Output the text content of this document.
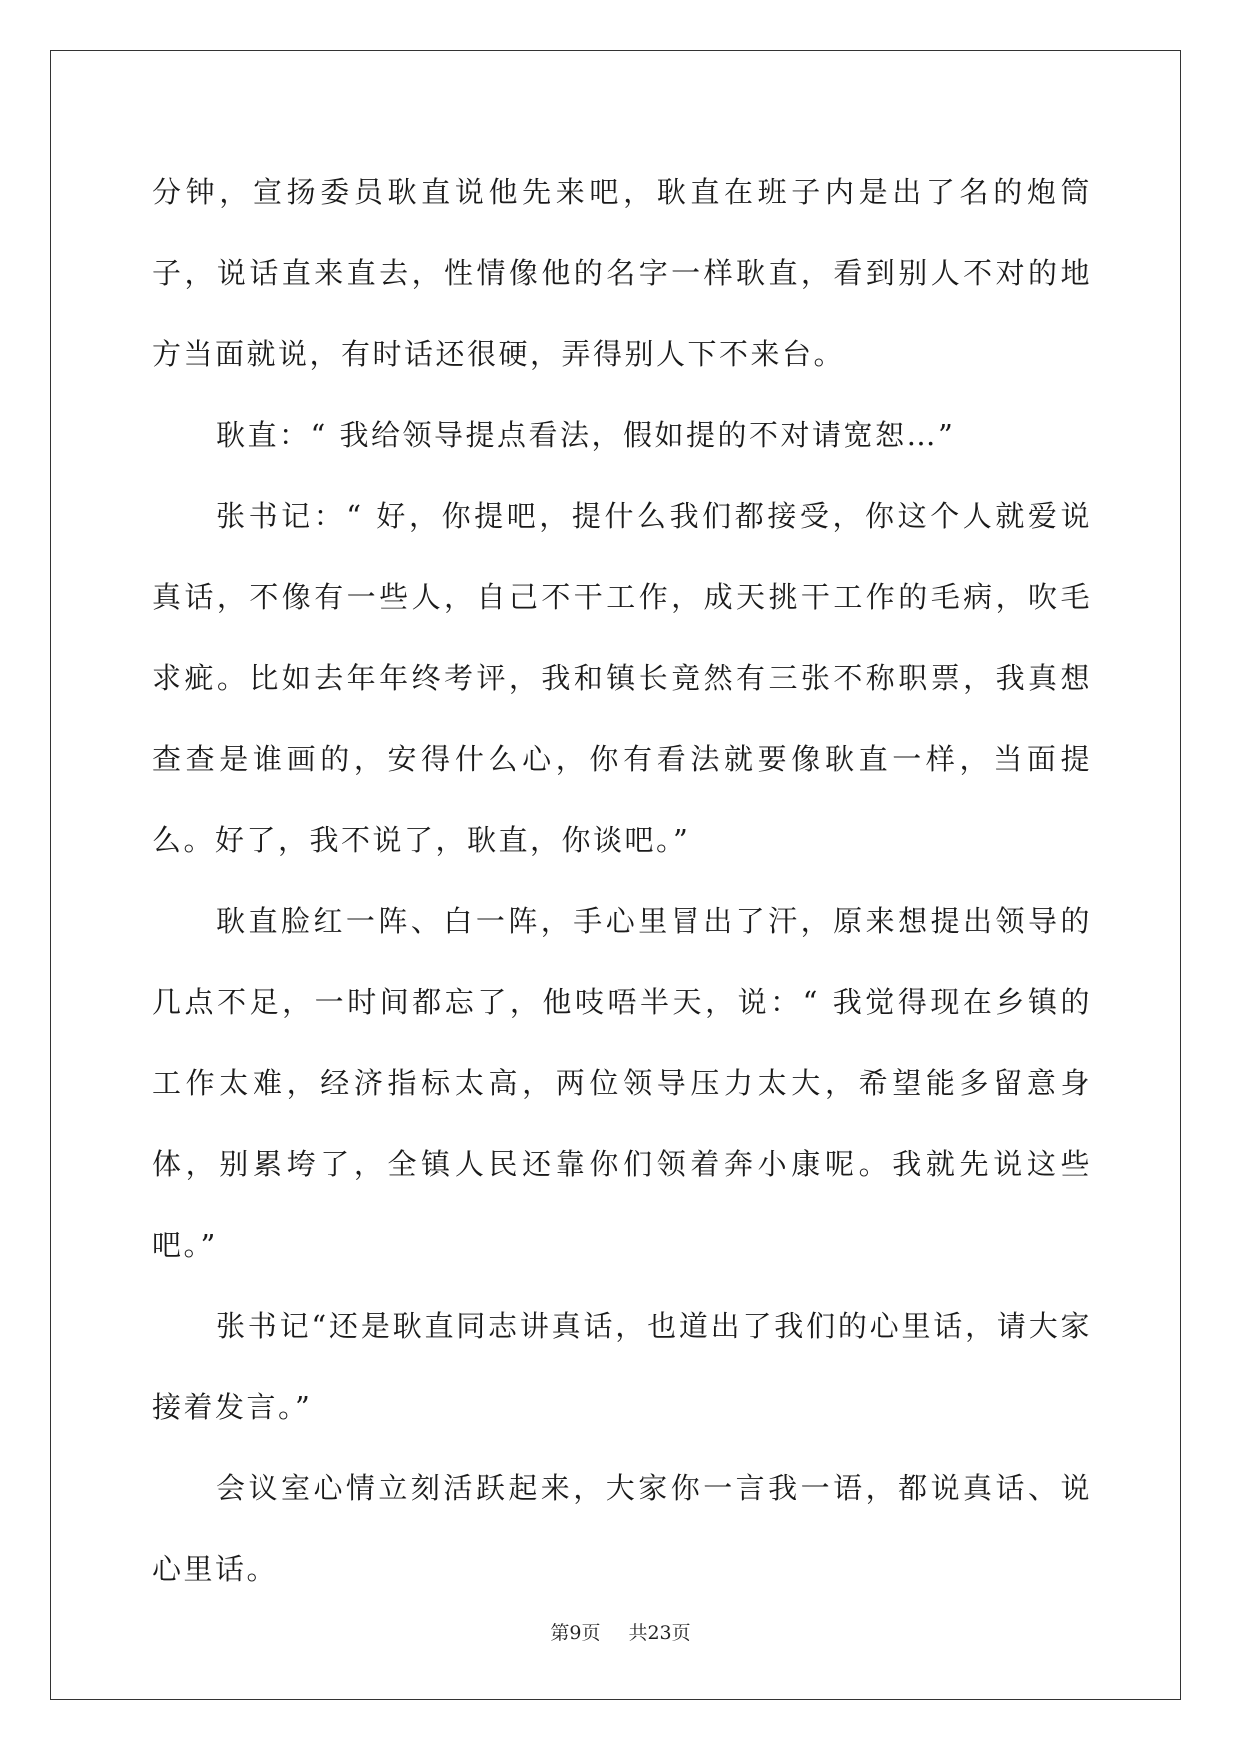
分钟，宣扬委员耿直说他先来吧，耿直在班子内是出了名的炮筒子，说话直来直去，性情像他的名字一样耿直，看到别人不对的地方当面就说，有时话还很硬，弄得别人下不来台。

耿直：“ 我给领导提点看法，假如提的不对请宽恕…”

张书记：“ 好，你提吧，提什么我们都接受，你这个人就爱说真话，不像有一些人，自己不干工作，成天挑干工作的毛病，吹毛求疵。比如去年年终考评，我和镇长竟然有三张不称职票，我真想查查是谁画的，安得什么心，你有看法就要像耿直一样，当面提么。好了，我不说了，耿直，你谈吧。”

耿直脸红一阵、白一阵，手心里冒出了汗，原来想提出领导的几点不足，一时间都忘了，他吱唔半天，说：“ 我觉得现在乡镇的工作太难，经济指标太高，两位领导压力太大，希望能多留意身体，别累垮了，全镇人民还靠你们领着奔小康呢。我就先说这些吧。”

张书记“还是耿直同志讲真话，也道出了我们的心里话，请大家接着发言。”

会议室心情立刻活跃起来，大家你一言我一语，都说真话、说心里话。

第9页 共23页
